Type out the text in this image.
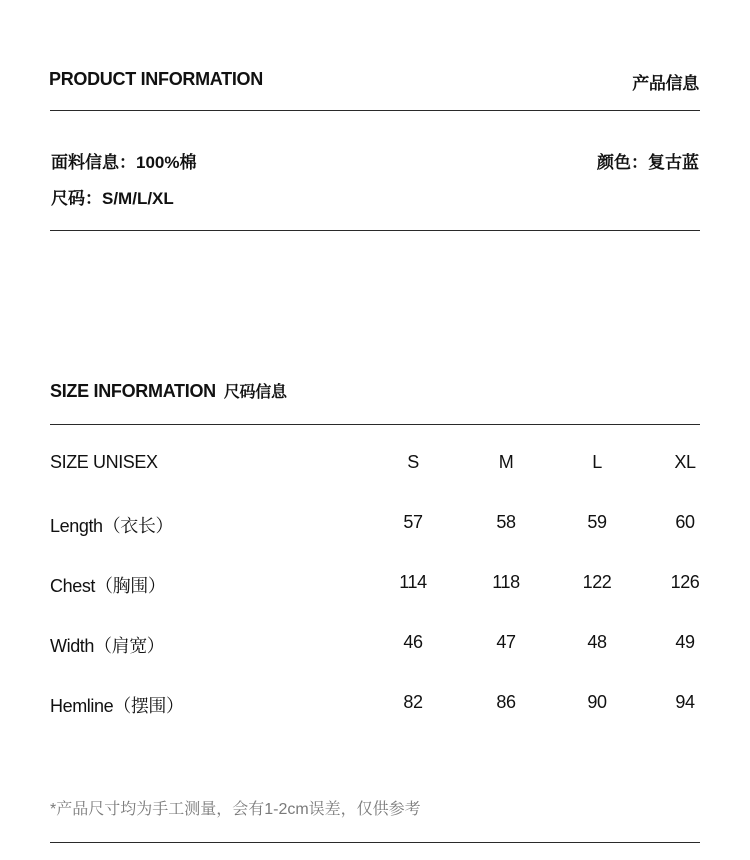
PRODUCT INFORMATION	产品信息
面料信息：100%棉	颜色：复古蓝
尺码：S/M/L/XL
SIZE INFORMATION 尺码信息
SIZE UNISEX	S	M	L	XL
Length（衣长）	57	58	59	60
Chest（胸围）	114	118	122	126
Width（肩宽）	46	47	48	49
Hemline（摆围）	82	86	90	94
*产品尺寸均为手工测量，会有1-2cm误差，仅供参考
